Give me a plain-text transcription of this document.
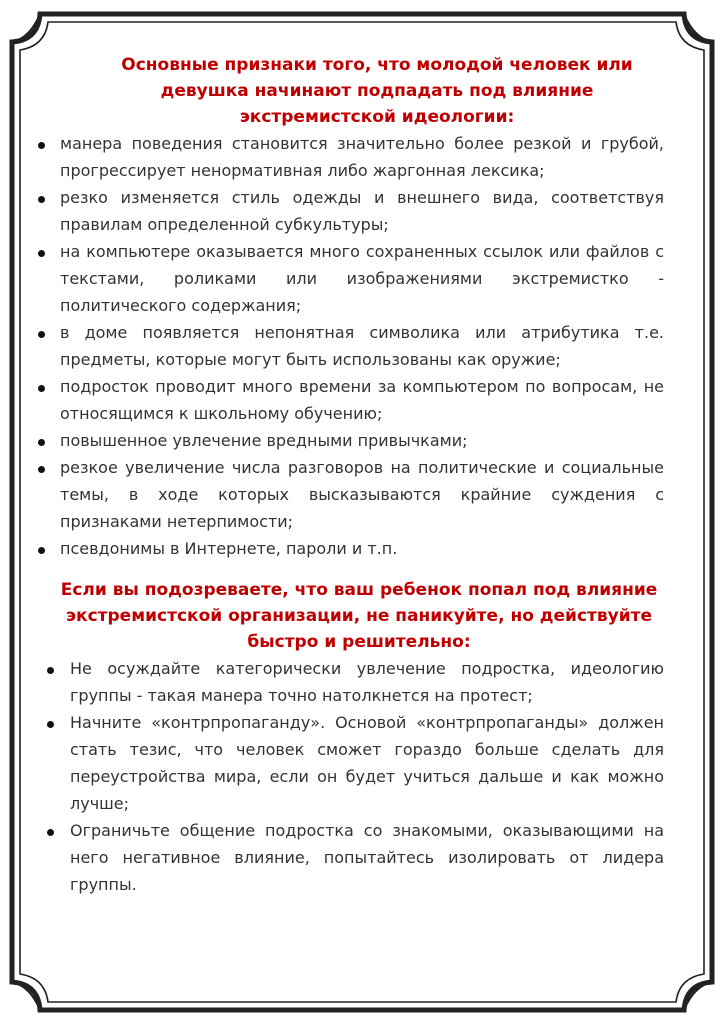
Основные признаки того, что молодой человек или девушка начинают подпадать под влияние экстремистской идеологии:

манера поведения становится значительно более резкой и грубой, прогрессирует ненормативная либо жаргонная лексика;
резко изменяется стиль одежды и внешнего вида, соответствуя правилам определенной субкультуры;
на компьютере оказывается много сохраненных ссылок или файлов с текстами, роликами или изображениями экстремистко - политического содержания;
в доме появляется непонятная символика или атрибутика т.е. предметы, которые могут быть использованы как оружие;
подросток проводит много времени за компьютером по вопросам, не относящимся к школьному обучению;
повышенное увлечение вредными привычками;
резкое увеличение числа разговоров на политические и социальные темы, в ходе которых высказываются крайние суждения с признаками нетерпимости;
псевдонимы в Интернете, пароли и т.п.

Если вы подозреваете, что ваш ребенок попал под влияние экстремистской организации, не паникуйте, но действуйте быстро и решительно:

Не осуждайте категорически увлечение подростка, идеологию группы - такая манера точно натолкнется на протест;
Начните «контрпропаганду». Основой «контрпропаганды» должен стать тезис, что человек сможет гораздо больше сделать для переустройства мира, если он будет учиться дальше и как можно лучше;
Ограничьте общение подростка со знакомыми, оказывающими на него негативное влияние, попытайтесь изолировать от лидера группы.
